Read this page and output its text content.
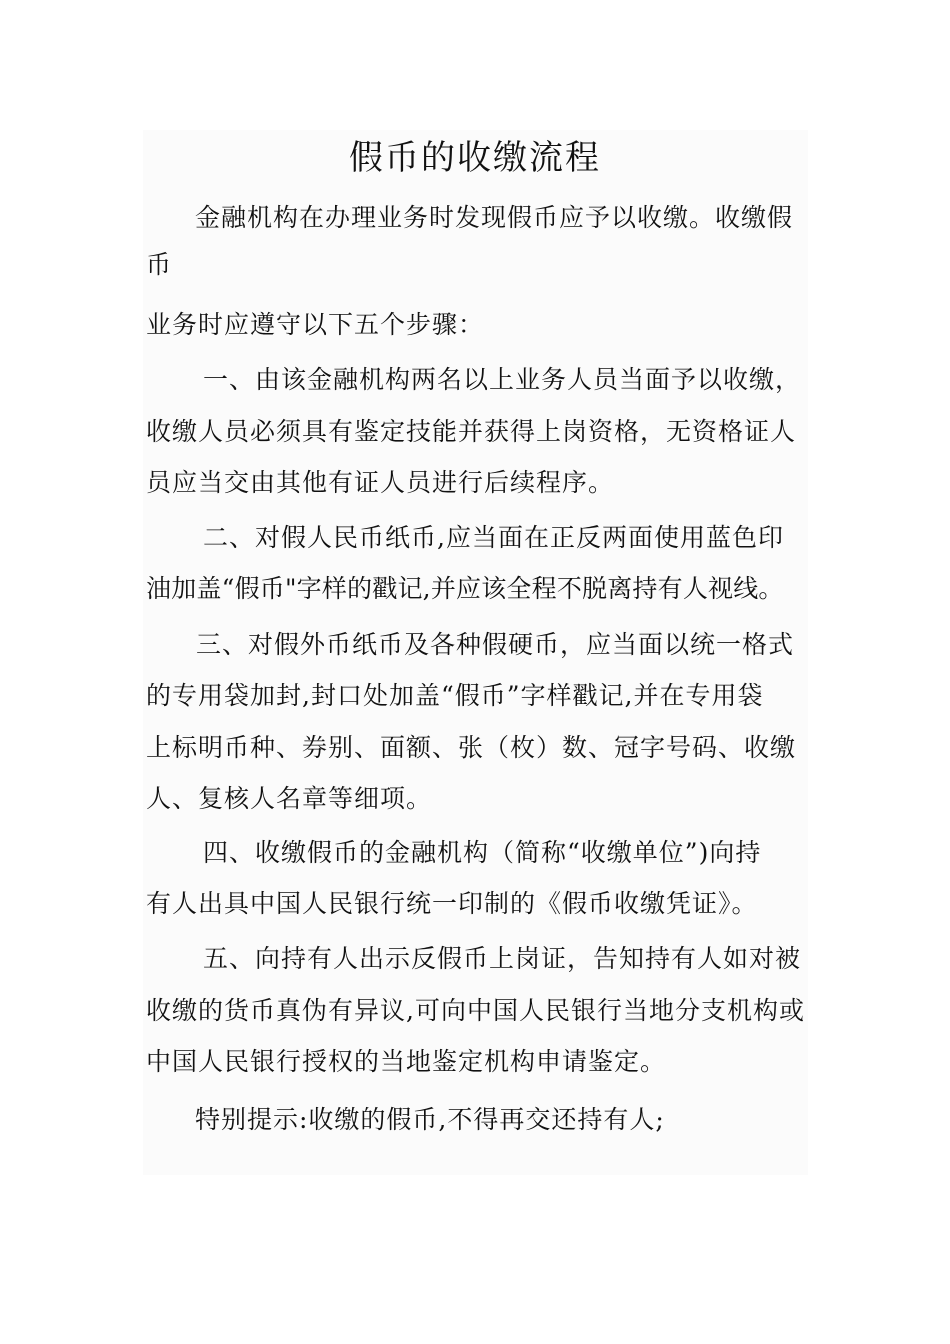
假币的收缴流程
金融机构在办理业务时发现假币应予以收缴。收缴假
币
业务时应遵守以下五个步骤：
一、由该金融机构两名以上业务人员当面予以收缴，
收缴人员必须具有鉴定技能并获得上岗资格，无资格证人
员应当交由其他有证人员进行后续程序。
二、对假人民币纸币,应当面在正反两面使用蓝色印
油加盖“假币"字样的戳记,并应该全程不脱离持有人视线。
三、对假外币纸币及各种假硬币，应当面以统一格式
的专用袋加封,封口处加盖“假币”字样戳记,并在专用袋
上标明币种、券别、面额、张（枚）数、冠字号码、收缴
人、复核人名章等细项。
四、收缴假币的金融机构（简称“收缴单位”)向持
有人出具中国人民银行统一印制的《假币收缴凭证》。
五、向持有人出示反假币上岗证，告知持有人如对被
收缴的货币真伪有异议,可向中国人民银行当地分支机构或
中国人民银行授权的当地鉴定机构申请鉴定。
特别提示:收缴的假币,不得再交还持有人;
